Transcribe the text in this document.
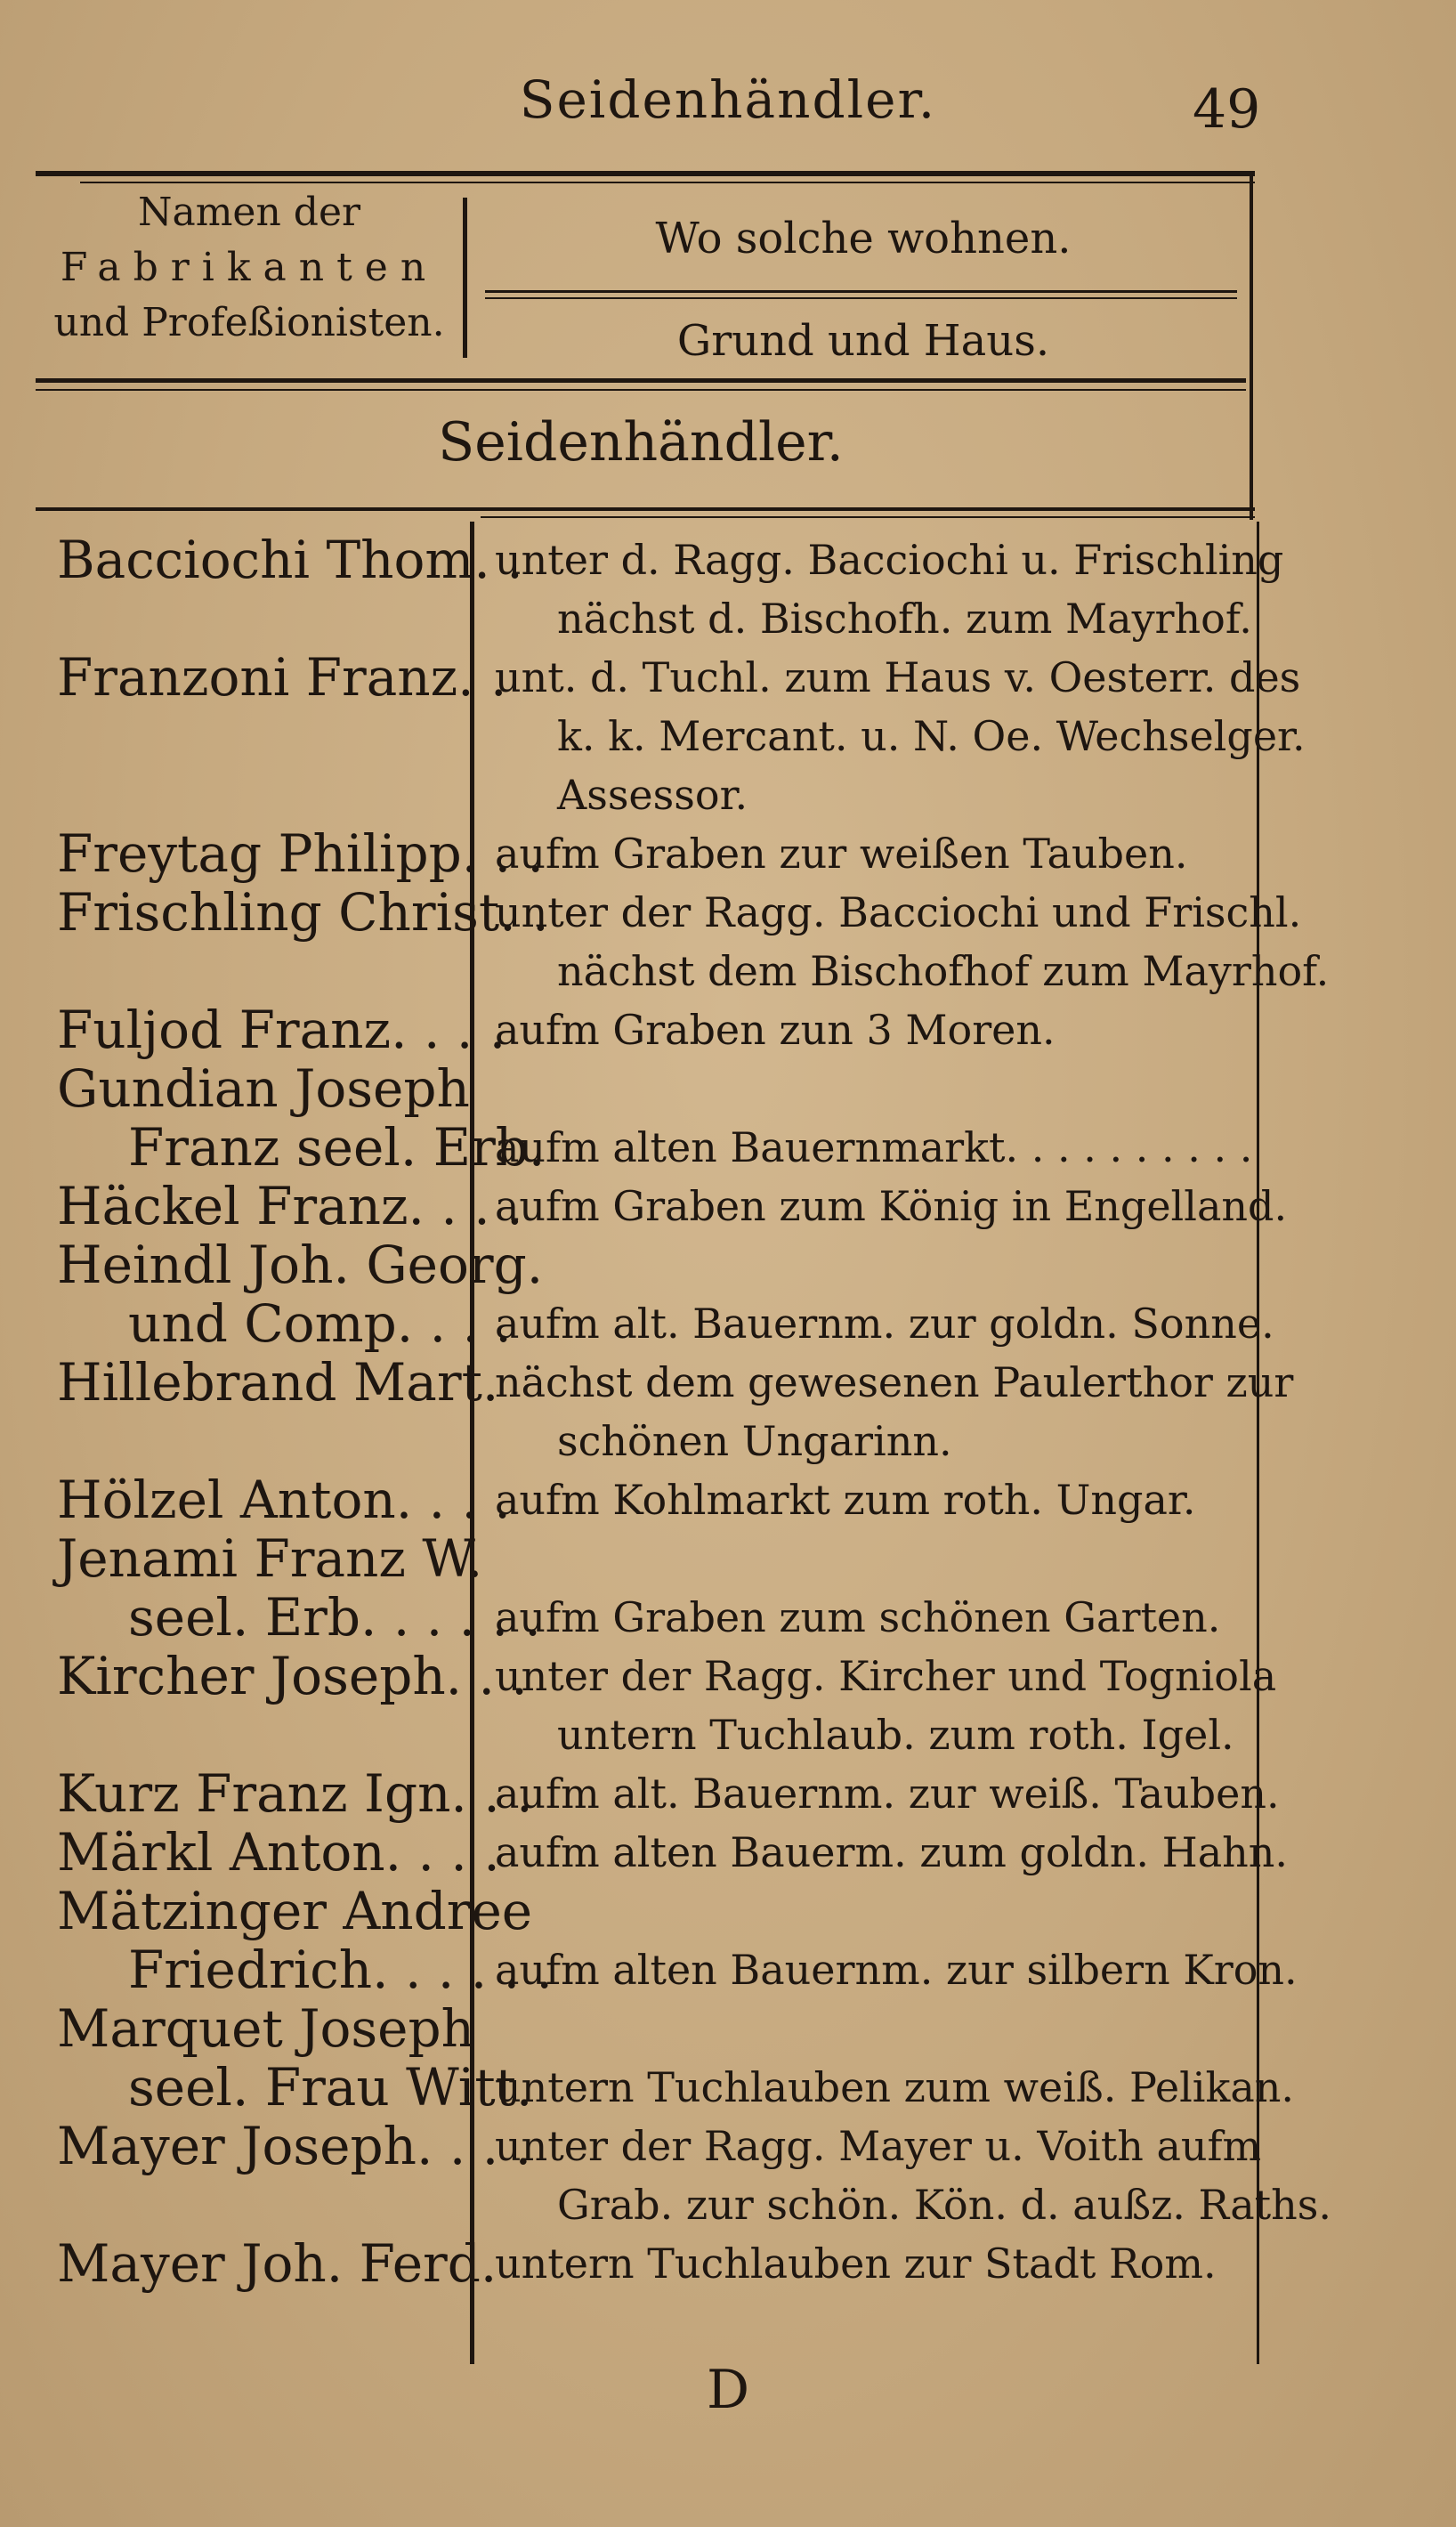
Seidenhändler.	49
Namen der
Fabrikanten
und Profeßionisten.
Wo solche wohnen.
Grund und Haus.
Seidenhändler.
Bacciochi Thom. .
unter d. Ragg. Bacciochi u. Frischling
nächst d. Bischofh. zum Mayrhof.
Franzoni Franz. .
unt. d. Tuchl. zum Haus v. Oesterr. des
k. k. Mercant. u. N. Oe. Wechselger.
Assessor.
Freytag Philipp. . .
aufm Graben zur weißen Tauben.
Frischling Christ. .
unter der Ragg. Bacciochi und Frischl.
nächst dem Bischofhof zum Mayrhof.
Fuljod Franz. . . .
aufm Graben zun 3 Moren.
Gundian Joseph
Franz seel. Erb.
aufm alten Bauernmarkt. . . . . . . . . .
Häckel Franz. . . .
aufm Graben zum König in Engelland.
Heindl Joh. Georg.
und Comp. . . .
aufm alt. Bauernm. zur goldn. Sonne.
Hillebrand Mart.
nächst dem gewesenen Paulerthor zur
schönen Ungarinn.
Hölzel Anton. . . .
aufm Kohlmarkt zum roth. Ungar.
Jenami Franz W.
seel. Erb. . . . . .
aufm Graben zum schönen Garten.
Kircher Joseph. . .
unter der Ragg. Kircher und Togniola
untern Tuchlaub. zum roth. Igel.
Kurz Franz Ign. . .
aufm alt. Bauernm. zur weiß. Tauben.
Märkl Anton. . . .
aufm alten Bauerm. zum goldn. Hahn.
Mätzinger Andree
Friedrich. . . . . .
aufm alten Bauernm. zur silbern Kron.
Marquet Joseph
seel. Frau Witt.
untern Tuchlauben zum weiß. Pelikan.
Mayer Joseph. . . .
unter der Ragg. Mayer u. Voith aufm
Grab. zur schön. Kön. d. außz. Raths.
Mayer Joh. Ferd.
untern Tuchlauben zur Stadt Rom.
D
